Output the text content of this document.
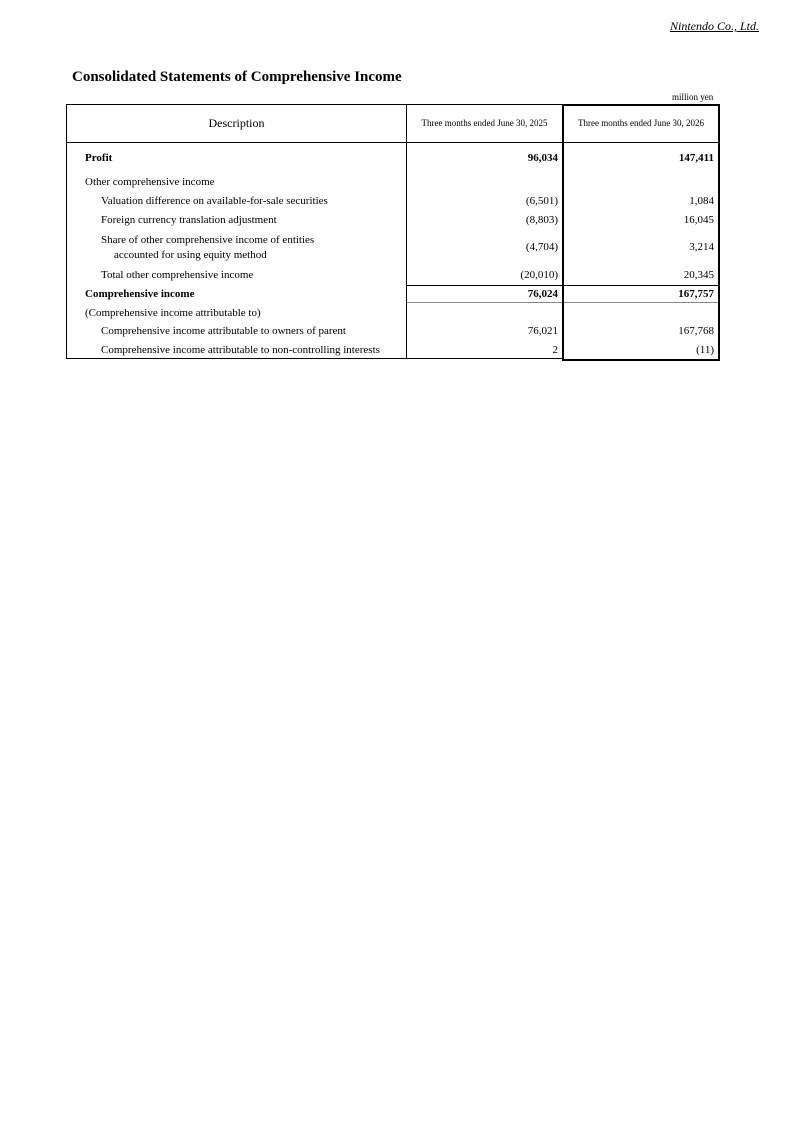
Nintendo Co., Ltd.
Consolidated Statements of Comprehensive Income
million yen
Description	Three months ended June 30, 2025	Three months ended June 30, 2026
Profit	96,034	147,411
Other comprehensive income
Valuation difference on available-for-sale securities	(6,501)	1,084
Foreign currency translation adjustment	(8,803)	16,045
Share of other comprehensive income of entities
accounted for using equity method
(4,704)	3,214
Total other comprehensive income	(20,010)	20,345
Comprehensive income	76,024	167,757
(Comprehensive income attributable to)
Comprehensive income attributable to owners of parent	76,021	167,768
Comprehensive income attributable to non-controlling interests	2	(11)
